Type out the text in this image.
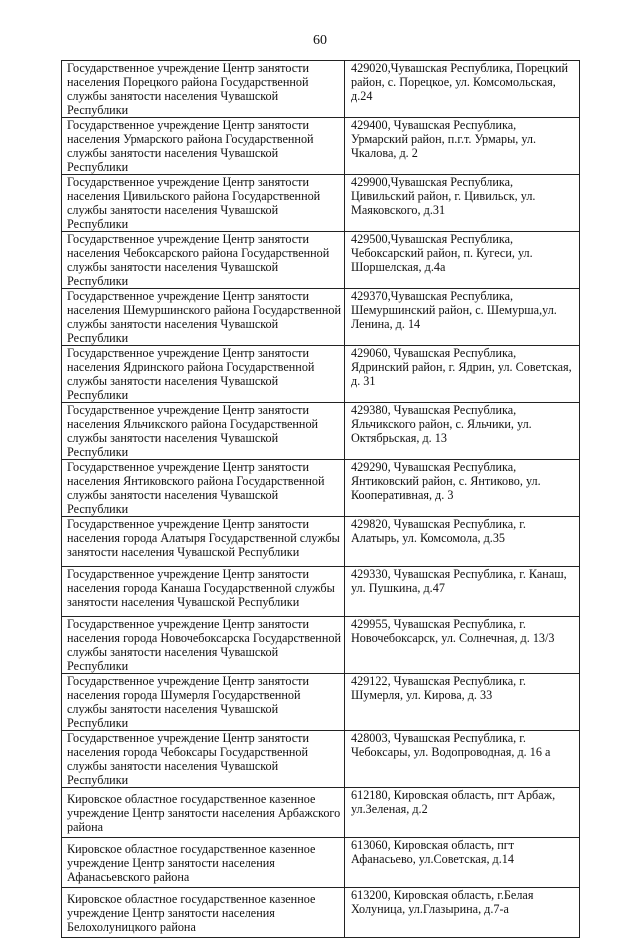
60
Государственное учреждение Центр занятости населения Порецкого района Государственной службы занятости населения Чувашской Республики	429020,Чувашская Республика, Порецкий район, с. Порецкое, ул. Комсомольская, д.24
Государственное учреждение Центр занятости населения Урмарского района Государственной службы занятости населения Чувашской Республики	429400, Чувашская Республика, Урмарский район, п.г.т. Урмары, ул. Чкалова, д. 2
Государственное учреждение Центр занятости населения Цивильского района Государственной службы занятости населения Чувашской Республики	429900,Чувашская Республика, Цивильский район, г. Цивильск, ул. Маяковского, д.31
Государственное учреждение Центр занятости населения Чебоксарского района Государственной службы занятости населения Чувашской Республики	429500,Чувашская Республика, Чебоксарский район, п. Кугеси, ул. Шоршелская, д.4а
Государственное учреждение Центр занятости населения Шемуршинского района Государственной службы занятости населения Чувашской Республики	429370,Чувашская Республика, Шемуршинский район, с. Шемурша,ул. Ленина, д. 14
Государственное учреждение Центр занятости населения Ядринского района Государственной службы занятости населения Чувашской Республики	429060, Чувашская Республика, Ядринский район, г. Ядрин, ул. Советская, д. 31
Государственное учреждение Центр занятости населения Яльчикского района Государственной службы занятости населения Чувашской Республики	429380, Чувашская Республика, Яльчикского район, с. Яльчики, ул. Октябрьская, д. 13
Государственное учреждение Центр занятости населения Янтиковского района Государственной службы занятости населения Чувашской Республики	429290, Чувашская Республика, Янтиковский район, с. Янтиково, ул. Кооперативная, д. 3
Государственное учреждение Центр занятости населения города Алатыря Государственной службы занятости населения Чувашской Республики	429820, Чувашская Республика, г. Алатырь, ул. Комсомола, д.35
Государственное учреждение Центр занятости населения города Канаша Государственной службы занятости населения Чувашской Республики	429330, Чувашская Республика, г. Канаш, ул. Пушкина, д.47
Государственное учреждение Центр занятости населения города Новочебоксарска Государственной службы занятости населения Чувашской Республики	429955, Чувашская Республика, г. Новочебоксарск, ул. Солнечная, д. 13/3
Государственное учреждение Центр занятости населения города Шумерля Государственной службы занятости населения Чувашской Республики	429122, Чувашская Республика, г. Шумерля, ул. Кирова, д. 33
Государственное учреждение Центр занятости населения города Чебоксары Государственной службы занятости населения Чувашской Республики	428003, Чувашская Республика, г. Чебоксары, ул. Водопроводная, д. 16 а
Кировское областное государственное казенное учреждение Центр занятости населения Арбажского района	612180, Кировская область, пгт Арбаж, ул.Зеленая, д.2
Кировское областное государственное казенное учреждение Центр занятости населения Афанасьевского района	613060, Кировская область, пгт Афанасьево, ул.Советская, д.14
Кировское областное государственное казенное учреждение Центр занятости населения Белохолуницкого района	613200, Кировская область, г.Белая Холуница, ул.Глазырина, д.7-а
